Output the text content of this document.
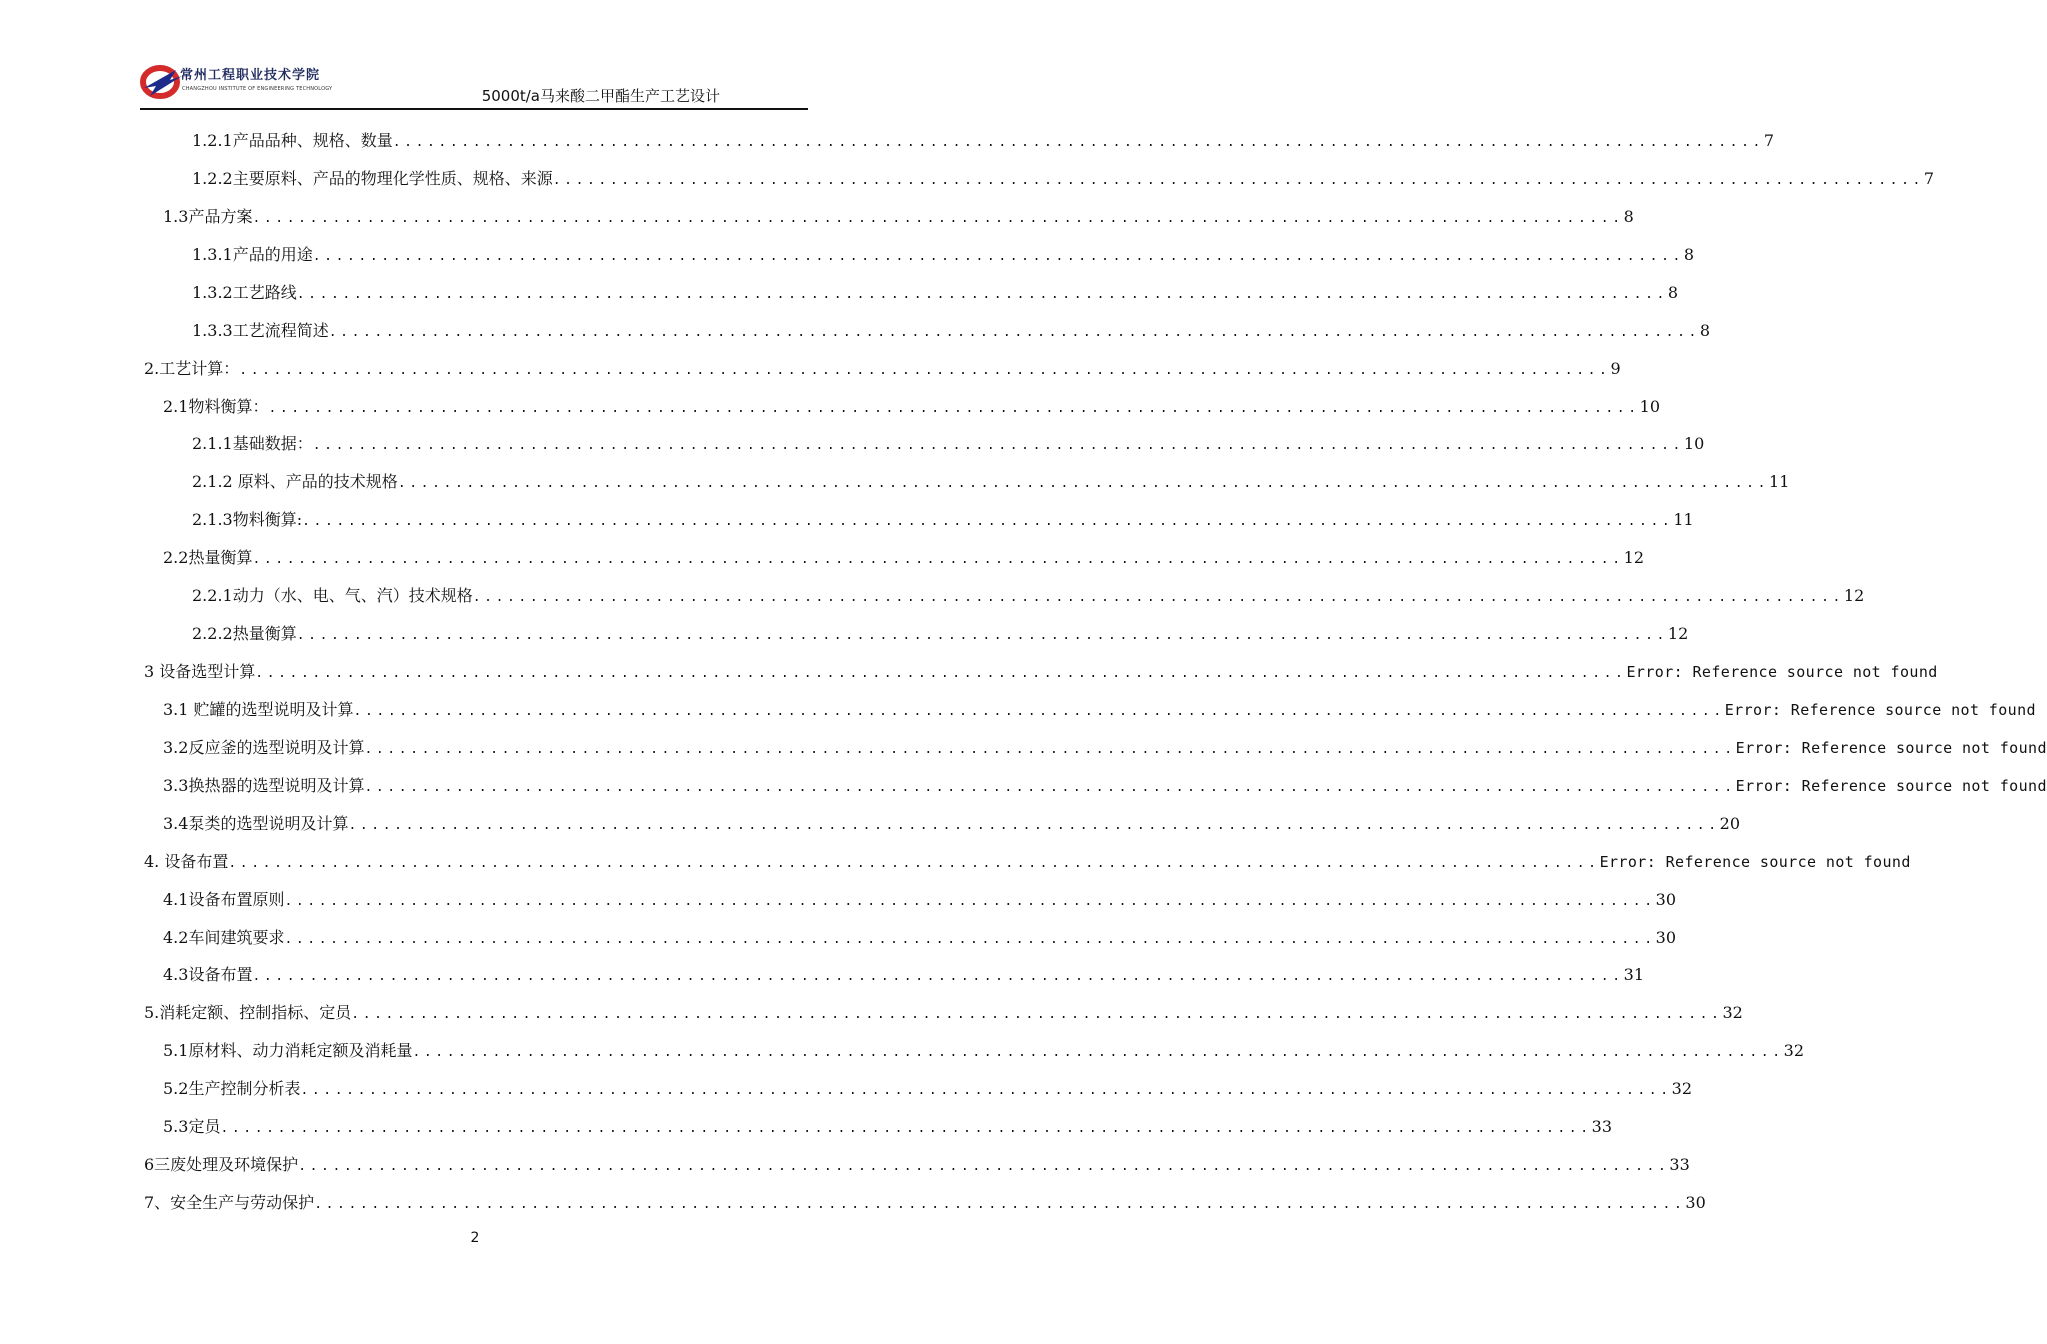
常州工程职业技术学院
CHANGZHOU INSTITUTE OF ENGINEERING TECHNOLOGY	5000t/a马来酸二甲酯生产工艺设计
1.2.1产品品种、规格、数量 ........................................................................................................................ 7
1.2.2主要原料、产品的物理化学性质、规格、来源 ........................................................................................................................ 7
1.3产品方案 ........................................................................................................................ 8
1.3.1产品的用途 ........................................................................................................................ 8
1.3.2工艺路线 ........................................................................................................................ 8
1.3.3工艺流程简述 ........................................................................................................................ 8
2.工艺计算： ........................................................................................................................ 9
2.1物料衡算： ........................................................................................................................ 10
2.1.1基础数据： ........................................................................................................................ 10
2.1.2 原料、产品的技术规格 ........................................................................................................................ 11
2.1.3物料衡算: ........................................................................................................................ 11
2.2热量衡算 ........................................................................................................................ 12
2.2.1动力（水、电、气、汽）技术规格 ........................................................................................................................ 12
2.2.2热量衡算 ........................................................................................................................ 12
3 设备选型计算 ........................................................................................................................ Error: Reference source not found
3.1 贮罐的选型说明及计算 ........................................................................................................................ Error: Reference source not found
3.2反应釜的选型说明及计算 ........................................................................................................................ Error: Reference source not found
3.3换热器的选型说明及计算 ........................................................................................................................ Error: Reference source not found
3.4泵类的选型说明及计算 ........................................................................................................................ 20
4. 设备布置 ........................................................................................................................ Error: Reference source not found
4.1设备布置原则 ........................................................................................................................ 30
4.2车间建筑要求 ........................................................................................................................ 30
4.3设备布置 ........................................................................................................................ 31
5.消耗定额、控制指标、定员 ........................................................................................................................ 32
5.1原材料、动力消耗定额及消耗量 ........................................................................................................................ 32
5.2生产控制分析表 ........................................................................................................................ 32
5.3定员 ........................................................................................................................ 33
6三废处理及环境保护 ........................................................................................................................ 33
7、安全生产与劳动保护 ........................................................................................................................ 30
2
